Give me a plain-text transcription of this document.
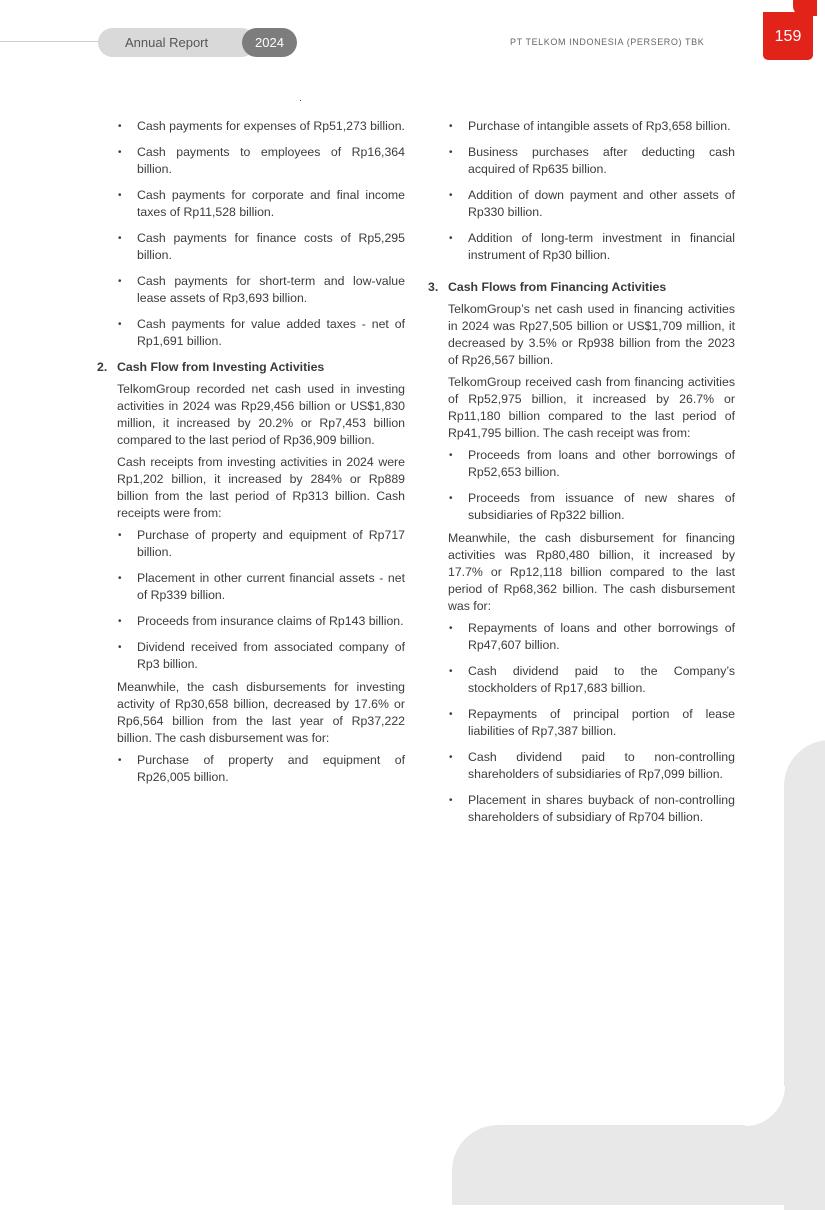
Annual Report	2024	PT TELKOM INDONESIA (PERSERO) TBK	159
• Cash payments for expenses of Rp51,273 billion.
• Cash payments to employees of Rp16,364 billion.
• Cash payments for corporate and final income taxes of Rp11,528 billion.
• Cash payments for finance costs of Rp5,295 billion.
• Cash payments for short-term and low-value lease assets of Rp3,693 billion.
• Cash payments for value added taxes - net of Rp1,691 billion.
2. Cash Flow from Investing Activities

TelkomGroup recorded net cash used in investing activities in 2024 was Rp29,456 billion or US$1,830 million, it increased by 20.2% or Rp7,453 billion compared to the last period of Rp36,909 billion.

Cash receipts from investing activities in 2024 were Rp1,202 billion, it increased by 284% or Rp889 billion from the last period of Rp313 billion. Cash receipts were from:

• Purchase of property and equipment of Rp717 billion.
• Placement in other current financial assets - net of Rp339 billion.
• Proceeds from insurance claims of Rp143 billion.
• Dividend received from associated company of Rp3 billion.

Meanwhile, the cash disbursements for investing activity of Rp30,658 billion, decreased by 17.6% or Rp6,564 billion from the last year of Rp37,222 billion. The cash disbursement was for:

• Purchase of property and equipment of Rp26,005 billion.
• Purchase of intangible assets of Rp3,658 billion.
• Business purchases after deducting cash acquired of Rp635 billion.
• Addition of down payment and other assets of Rp330 billion.
• Addition of long-term investment in financial instrument of Rp30 billion.
3. Cash Flows from Financing Activities

TelkomGroup’s net cash used in financing activities in 2024 was Rp27,505 billion or US$1,709 million, it decreased by 3.5% or Rp938 billion from the 2023 of Rp26,567 billion.

TelkomGroup received cash from financing activities of Rp52,975 billion, it increased by 26.7% or Rp11,180 billion compared to the last period of Rp41,795 billion. The cash receipt was from:

• Proceeds from loans and other borrowings of Rp52,653 billion.
• Proceeds from issuance of new shares of subsidiaries of Rp322 billion.

Meanwhile, the cash disbursement for financing activities was Rp80,480 billion, it increased by 17.7% or Rp12,118 billion compared to the last period of Rp68,362 billion. The cash disbursement was for:

• Repayments of loans and other borrowings of Rp47,607 billion.
• Cash dividend paid to the Company’s stockholders of Rp17,683 billion.
• Repayments of principal portion of lease liabilities of Rp7,387 billion.
• Cash dividend paid to non-controlling shareholders of subsidiaries of Rp7,099 billion.
• Placement in shares buyback of non-controlling shareholders of subsidiary of Rp704 billion.
